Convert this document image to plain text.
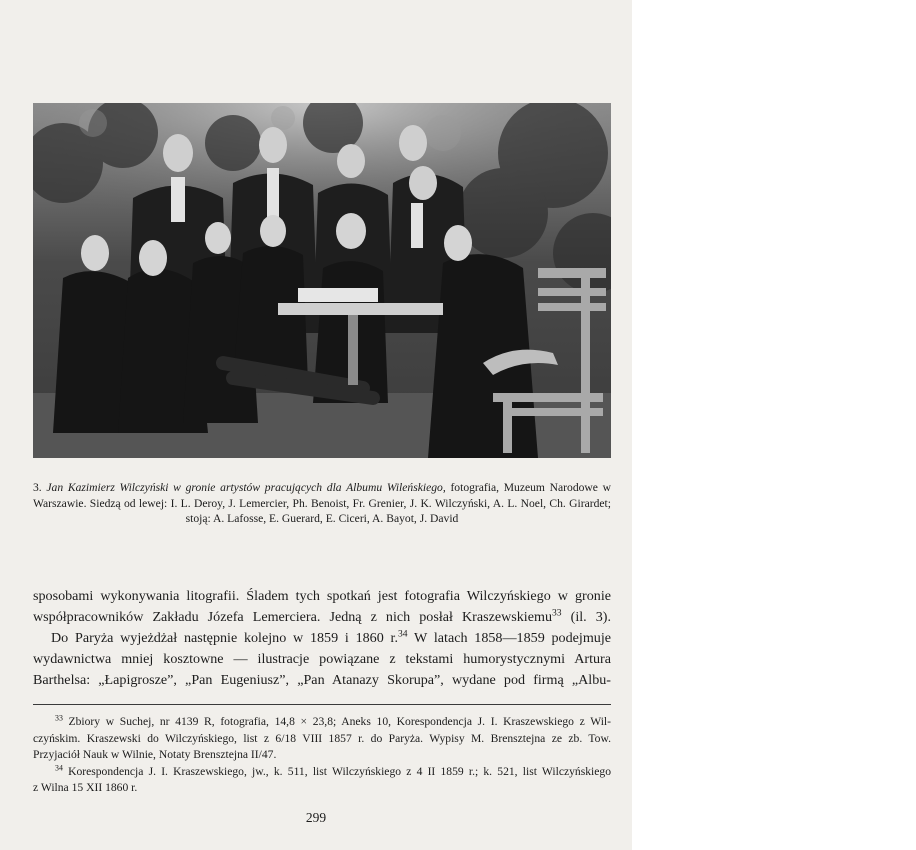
3. Jan Kazimierz Wilczyński w gronie artystów pracujących dla Albumu Wileńskiego, fotografia, Muzeum Narodowe w Warszawie. Siedzą od lewej: I. L. Deroy, J. Lemercier, Ph. Benoist, Fr. Grenier, J. K. Wilczyński, A. L. Noel, Ch. Girardet; stoją: A. Lafosse, E. Guerard, E. Ciceri, A. Bayot, J. David
sposobami wykonywania litografii. Śladem tych spotkań jest fotografia Wilczyńskiego w gronie
współpracowników Zakładu Józefa Lemerciera. Jedną z nich posłał Kraszewskiemu$^{33}$ (il. 3).
Do Paryża wyjeżdżał następnie kolejno w 1859 i 1860 r.$^{34}$ W latach 1858—1859 podejmuje
wydawnictwa mniej kosztowne — ilustracje powiązane z tekstami humorystycznymi Artura
Barthelsa: „Łapigrosze”, „Pan Eugeniusz”, „Pan Atanazy Skorupa”, wydane pod firmą „Albu-
$^{33}$ Zbiory w Suchej, nr 4139 R, fotografia, 14,8 × 23,8; Aneks 10, Korespondencja J. I. Kraszewskiego z Wil-
czyńskim. Kraszewski do Wilczyńskiego, list z 6/18 VIII 1857 r. do Paryża. Wypisy M. Brensztejna ze zb. Tow.
Przyjaciół Nauk w Wilnie, Notaty Brensztejna II/47.
$^{34}$ Korespondencja J. I. Kraszewskiego, jw., k. 511, list Wilczyńskiego z 4 II 1859 r.; k. 521, list Wilczyńskiego
z Wilna 15 XII 1860 r.
299
